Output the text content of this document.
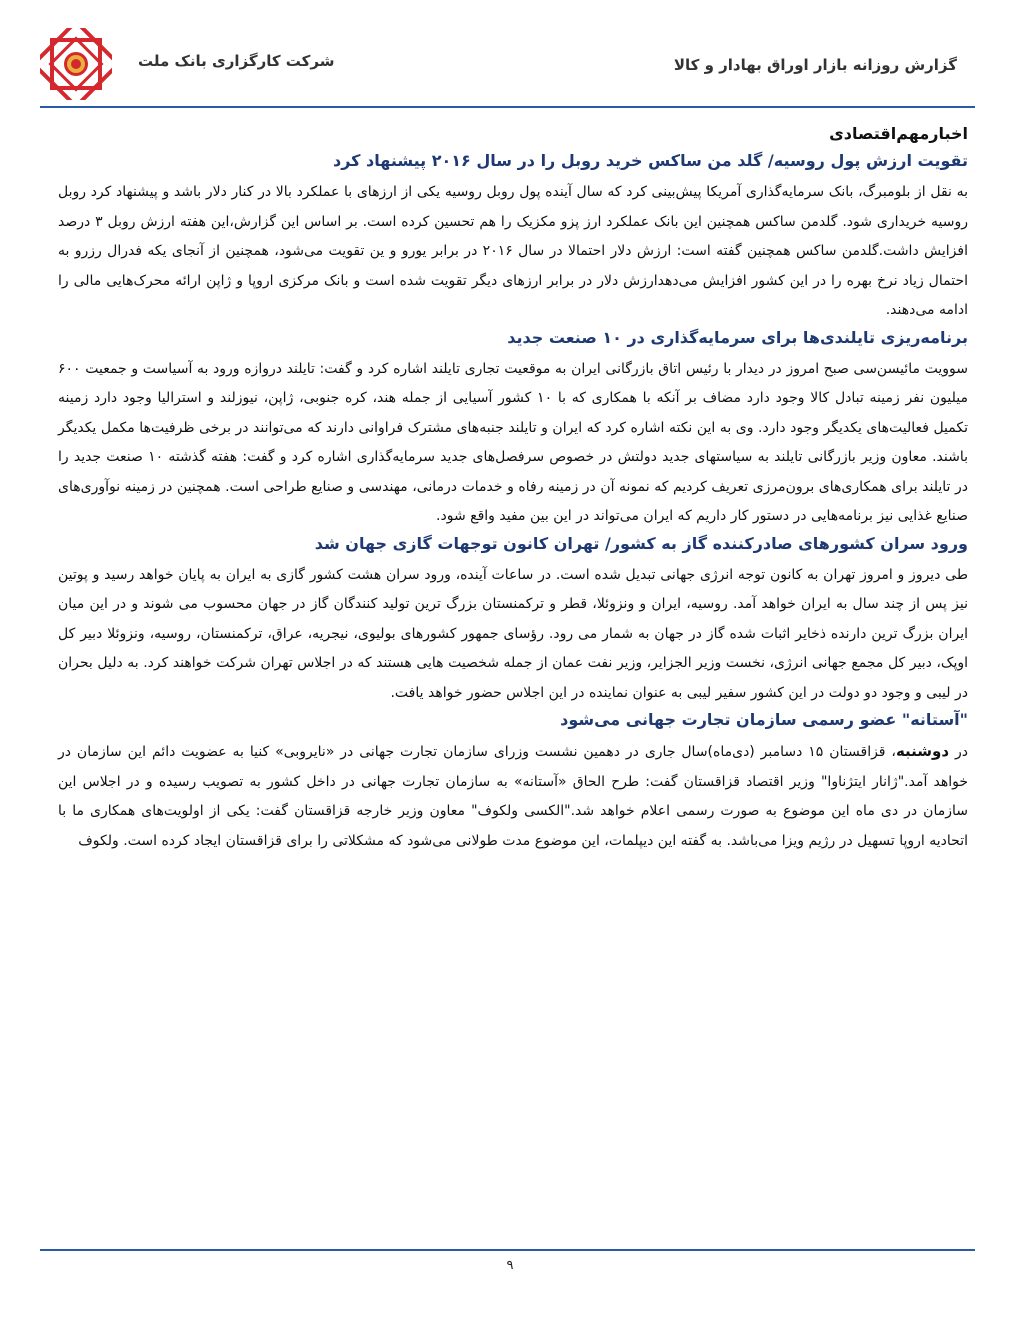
شرکت کارگزاری بانک ملت	گزارش روزانه بازار اوراق بهادار و کالا
اخبارمهم‌اقتصادی
تقویت ارزش پول روسیه/ گلد من ساکس خرید روبل را در سال ۲۰۱۶ پیشنهاد کرد

به نقل از بلومبرگ، بانک سرمایه‌گذاری آمریکا پیش‌بینی کرد که سال آینده پول روبل روسیه یکی از ارزهای با عملکرد بالا در کنار دلار باشد و پیشنهاد کرد روبل روسیه خریداری شود. گلدمن ساکس همچنین این بانک عملکرد ارز پزو مکزیک را هم تحسین کرده است. بر اساس این گزارش،این هفته ارزش روبل ۳ درصد افزایش داشت.گلدمن ساکس همچنین گفته است: ارزش دلار احتمالا در سال ۲۰۱۶ در برابر یورو و ین تقویت می‌شود، همچنین از آنجای یکه فدرال رزرو به احتمال زیاد نرخ بهره را در این کشور افزایش می‌دهدارزش دلار در برابر ارزهای دیگر تقویت شده است و بانک مرکزی اروپا و ژاپن ارائه محرک‌هایی مالی را ادامه می‌دهند.

برنامه‌ریزی تایلندی‌ها برای سرمایه‌گذاری در ۱۰ صنعت جدید

سوویت مائیسن‌سی صبح امروز در دیدار با رئیس اتاق بازرگانی ایران به موقعیت تجاری تایلند اشاره کرد و گفت: تایلند دروازه ورود به آسیاست و جمعیت ۶۰۰ میلیون نفر زمینه تبادل کالا وجود دارد مضاف بر آنکه با همکاری که با ۱۰ کشور آسیایی از جمله هند، کره جنوبی، ژاپن، نیوزلند و استرالیا وجود دارد زمینه تکمیل فعالیت‌های یکدیگر وجود دارد. وی به این نکته اشاره کرد که ایران و تایلند جنبه‌های مشترک فراوانی دارند که می‌توانند در برخی ظرفیت‌ها مکمل یکدیگر باشند. معاون وزیر بازرگانی تایلند به سیاستهای جدید دولتش در خصوص سرفصل‌های جدید سرمایه‌گذاری اشاره کرد و گفت: هفته گذشته ۱۰ صنعت جدید را در تایلند برای همکاری‌های برون‌مرزی تعریف کردیم که نمونه آن در زمینه رفاه و خدمات درمانی، مهندسی و صنایع طراحی است. همچنین در زمینه نوآوری‌های صنایع غذایی نیز برنامه‌هایی در دستور کار داریم که ایران می‌تواند در این بین مفید واقع شود.

ورود سران کشورهای صادرکننده گاز به کشور/ تهران کانون توجهات گازی جهان شد

طی دیروز و امروز تهران به کانون توجه انرژی جهانی تبدیل شده است. در ساعات آینده، ورود سران هشت کشور گازی به ایران به پایان خواهد رسید و پوتین نیز پس از چند سال به ایران خواهد آمد. روسیه، ایران و ونزوئلا، قطر و ترکمنستان بزرگ ترین تولید کنندگان گاز در جهان محسوب می شوند و در این میان ایران بزرگ ترین دارنده ذخایر اثبات شده گاز در جهان به شمار می رود. رؤسای جمهور کشورهای بولیوی، نیجریه، عراق، ترکمنستان، روسیه، ونزوئلا دبیر کل اوپک، دبیر کل مجمع جهانی انرژی، نخست وزیر الجزایر، وزیر نفت عمان از جمله شخصیت هایی هستند که در اجلاس تهران شرکت خواهند کرد. به دلیل بحران در لیبی و وجود دو دولت در این کشور سفیر لیبی به عنوان نماینده در این اجلاس حضور خواهد یافت.

"آستانه" عضو رسمی سازمان تجارت جهانی می‌شود

در دوشنبه، قزاقستان ۱۵ دسامبر (دی‌ماه)سال جاری در دهمین نشست وزرای سازمان تجارت جهانی در «نایروبی» کنیا به عضویت دائم این سازمان در خواهد آمد."ژانار ایتژناوا" وزیر اقتصاد قزاقستان گفت: طرح الحاق «آستانه» به سازمان تجارت جهانی در داخل کشور به تصویب رسیده و در اجلاس این سازمان در دی ماه این موضوع به صورت رسمی اعلام خواهد شد."الکسی ولکوف" معاون وزیر خارجه قزاقستان گفت: یکی از اولویت‌های همکاری ما با اتحادیه اروپا تسهیل در رژیم ویزا می‌باشد. به گفته این دیپلمات، این موضوع مدت طولانی می‌شود که مشکلاتی را برای قزاقستان ایجاد کرده است. ولکوف

۹
